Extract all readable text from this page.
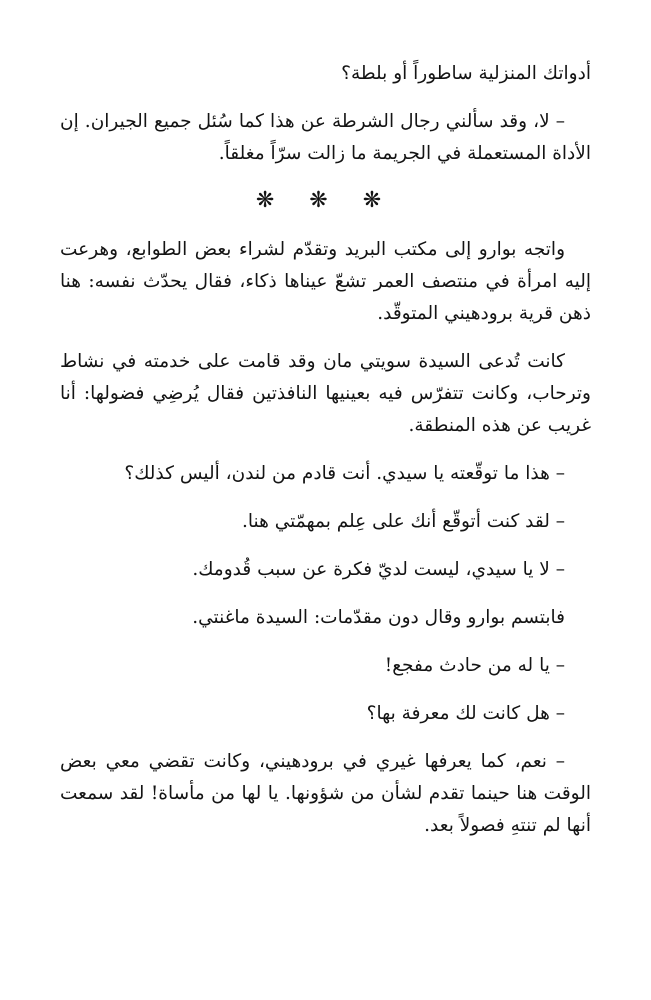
أدواتك المنزلية ساطوراً أو بلطة؟

– لا، وقد سألني رجال الشرطة عن هذا كما سُئل جميع الجيران. إن الأداة المستعملة في الجريمة ما زالت سرّاً مغلقاً.

❋ ❋ ❋

واتجه بوارو إلى مكتب البريد وتقدّم لشراء بعض الطوابع، وهرعت إليه امرأة في منتصف العمر تشعّ عيناها ذكاء، فقال يحدّث نفسه: هنا ذهن قرية برودهيني المتوقّد.

كانت تُدعى السيدة سويتي مان وقد قامت على خدمته في نشاط وترحاب، وكانت تتفرّس فيه بعينيها النافذتين فقال يُرضِي فضولها: أنا غريب عن هذه المنطقة.

– هذا ما توقّعته يا سيدي. أنت قادم من لندن، أليس كذلك؟

– لقد كنت أتوقّع أنك على عِلم بمهمّتي هنا.

– لا يا سيدي، ليست لديّ فكرة عن سبب قُدومك.

فابتسم بوارو وقال دون مقدّمات: السيدة ماغنتي.

– يا له من حادث مفجع!

– هل كانت لك معرفة بها؟

– نعم، كما يعرفها غيري في برودهيني، وكانت تقضي معي بعض الوقت هنا حينما تقدم لشأن من شؤونها. يا لها من مأساة! لقد سمعت أنها لم تنتهِ فصولاً بعد.
